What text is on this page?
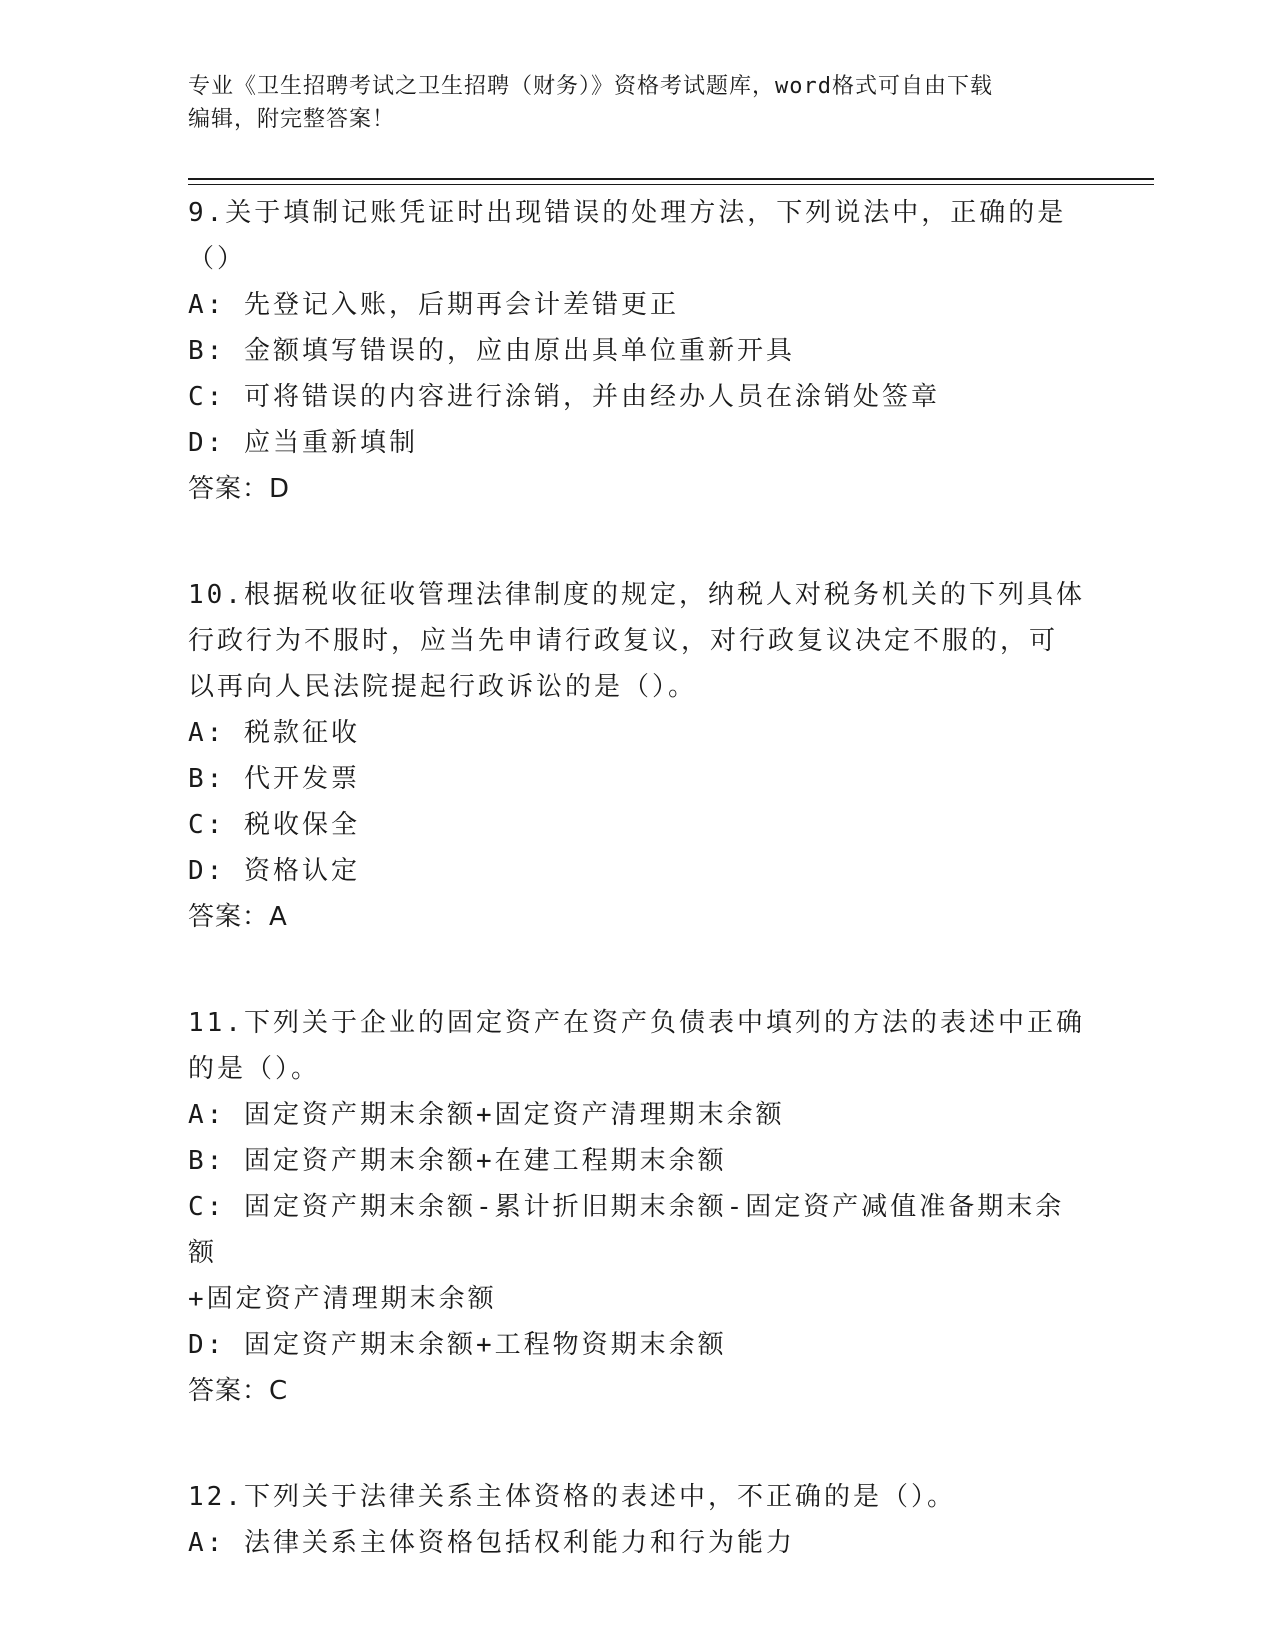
专业《卫生招聘考试之卫生招聘（财务）》资格考试题库，word格式可自由下载
编辑，附完整答案！

9.关于填制记账凭证时出现错误的处理方法，下列说法中，正确的是

（）

A: 先登记入账，后期再会计差错更正

B: 金额填写错误的，应由原出具单位重新开具

C: 可将错误的内容进行涂销，并由经办人员在涂销处签章

D: 应当重新填制

答案：D

10.根据税收征收管理法律制度的规定，纳税人对税务机关的下列具体

行政行为不服时，应当先申请行政复议，对行政复议决定不服的，可

以再向人民法院提起行政诉讼的是（）。

A: 税款征收

B: 代开发票

C: 税收保全

D: 资格认定

答案：A

11.下列关于企业的固定资产在资产负债表中填列的方法的表述中正确

的是（）。

A: 固定资产期末余额+固定资产清理期末余额

B: 固定资产期末余额+在建工程期末余额

C: 固定资产期末余额-累计折旧期末余额-固定资产减值准备期末余额

+固定资产清理期末余额

D: 固定资产期末余额+工程物资期末余额

答案：C

12.下列关于法律关系主体资格的表述中，不正确的是（）。

A: 法律关系主体资格包括权利能力和行为能力
